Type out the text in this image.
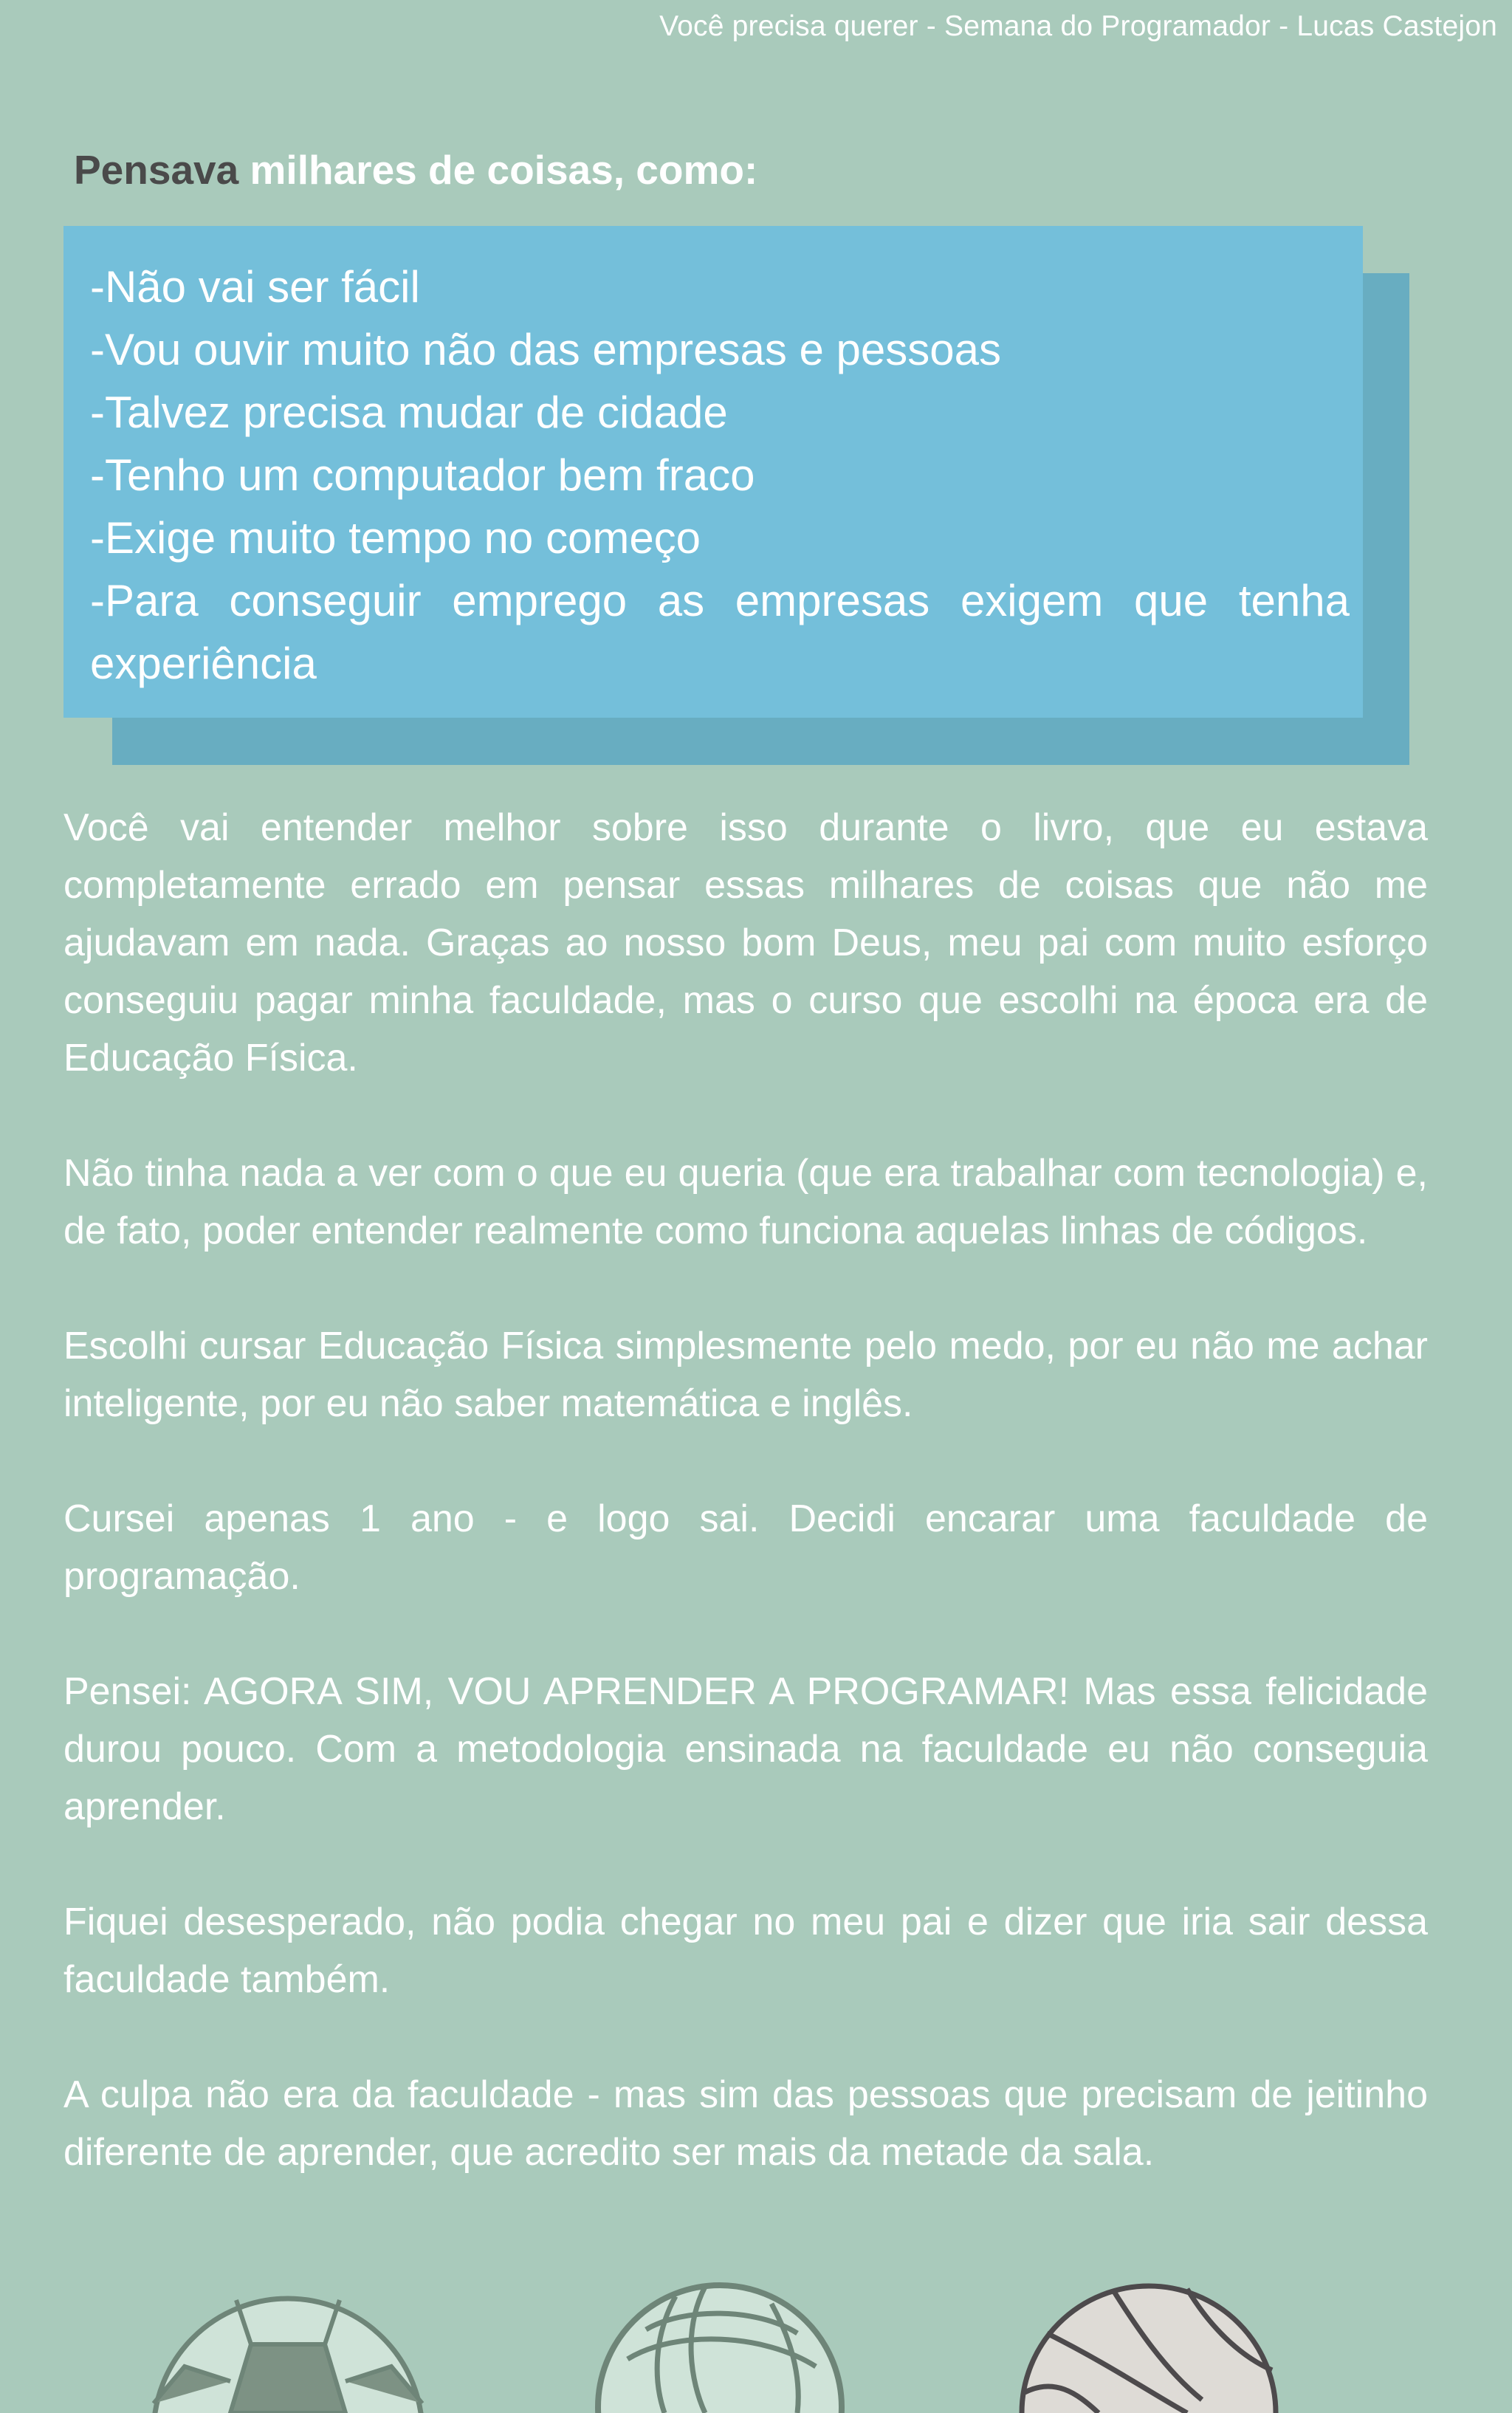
Você precisa querer - Semana do Programador - Lucas Castejon
Pensava milhares de coisas, como:
-Não vai ser fácil
-Vou ouvir muito não das empresas e pessoas
-Talvez precisa mudar de cidade
-Tenho um computador bem fraco
-Exige muito tempo no começo
-Para conseguir emprego as empresas exigem que tenha experiência

Você vai entender melhor sobre isso durante o livro, que eu estava completamente errado em pensar essas milhares de coisas que não me ajudavam em nada. Graças ao nosso bom Deus, meu pai com muito esforço conseguiu pagar minha faculdade, mas o curso que escolhi na época era de Educação Física.

Não tinha nada a ver com o que eu queria (que era trabalhar com tecnologia) e, de fato, poder entender realmente como funciona aquelas linhas de códigos.

Escolhi cursar Educação Física simplesmente pelo medo, por eu não me achar inteligente, por eu não saber matemática e inglês.

Cursei apenas 1 ano - e logo sai. Decidi encarar uma faculdade de programação.

Pensei: AGORA SIM, VOU APRENDER A PROGRAMAR! Mas essa felicidade durou pouco. Com a metodologia ensinada na faculdade eu não conseguia aprender.

Fiquei desesperado, não podia chegar no meu pai e dizer que iria sair dessa faculdade também.

A culpa não era da faculdade - mas sim das pessoas que precisam de jeitinho diferente de aprender, que acredito ser mais da metade da sala.
